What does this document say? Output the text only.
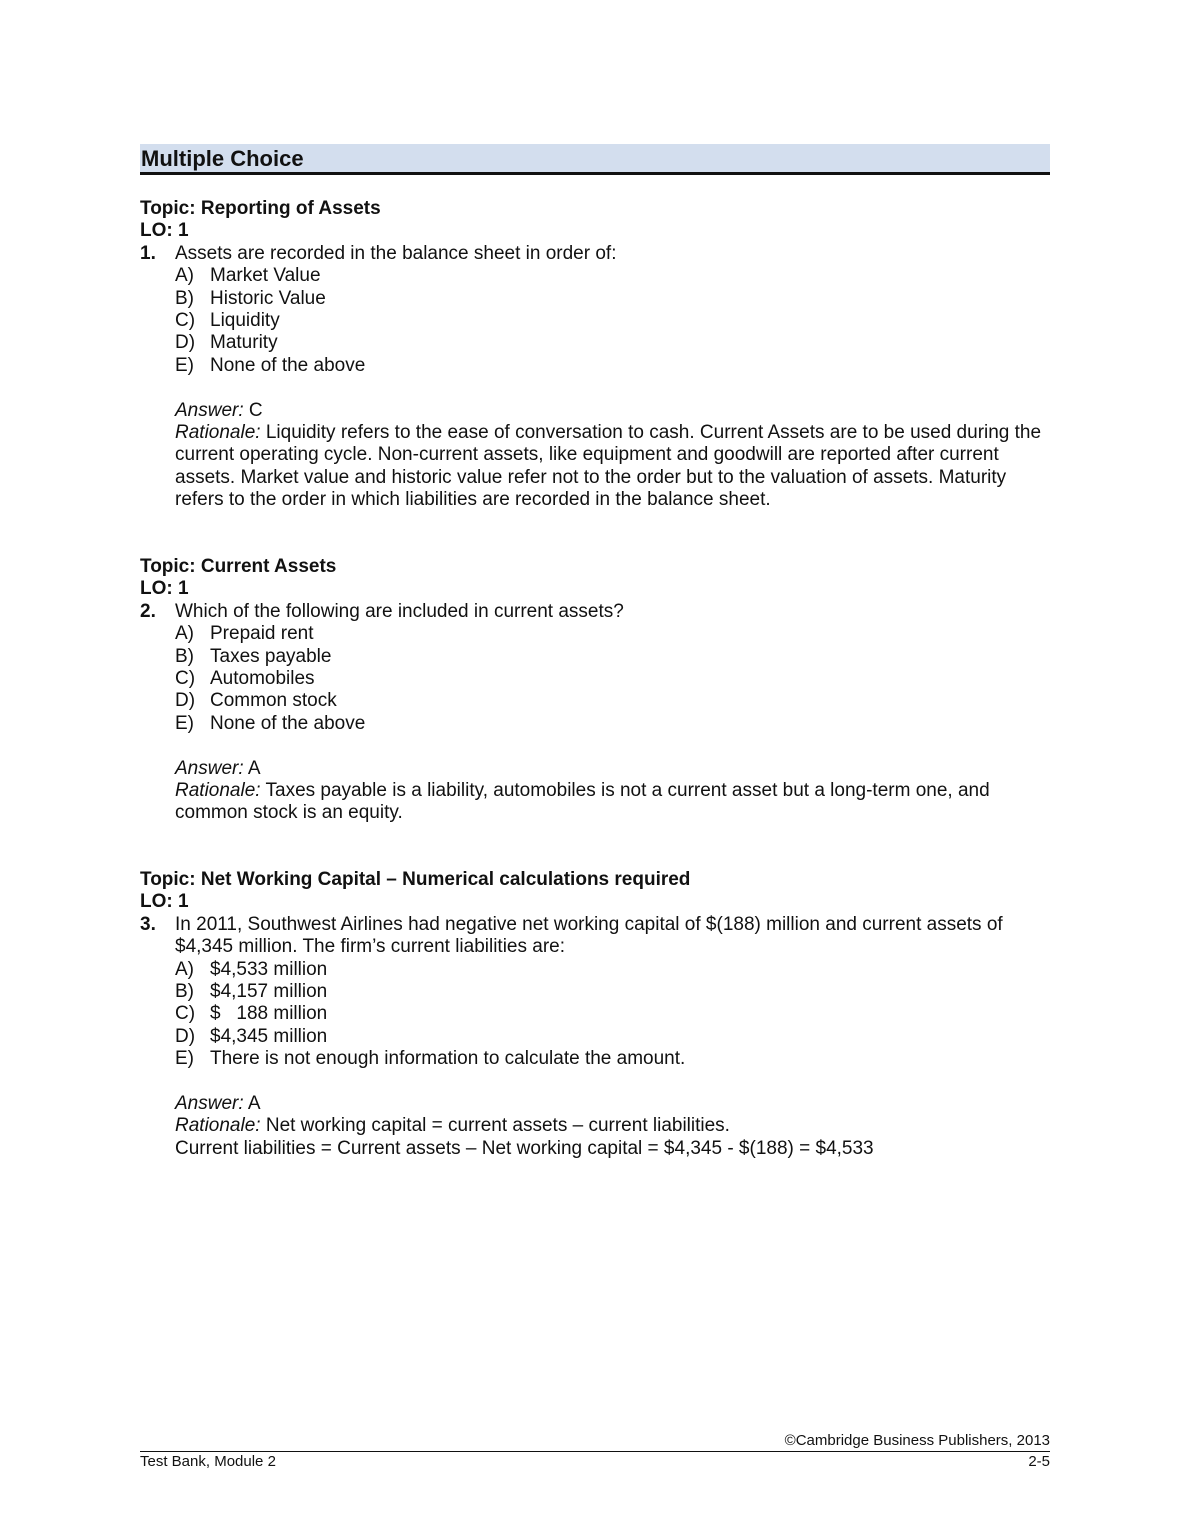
Multiple Choice
Topic: Reporting of Assets
LO: 1
1. Assets are recorded in the balance sheet in order of:
A) Market Value
B) Historic Value
C) Liquidity
D) Maturity
E) None of the above
Answer: C
Rationale: Liquidity refers to the ease of conversation to cash. Current Assets are to be used during the current operating cycle. Non-current assets, like equipment and goodwill are reported after current assets. Market value and historic value refer not to the order but to the valuation of assets. Maturity refers to the order in which liabilities are recorded in the balance sheet.
Topic: Current Assets
LO: 1
2. Which of the following are included in current assets?
A) Prepaid rent
B) Taxes payable
C) Automobiles
D) Common stock
E) None of the above
Answer: A
Rationale: Taxes payable is a liability, automobiles is not a current asset but a long-term one, and common stock is an equity.
Topic: Net Working Capital – Numerical calculations required
LO: 1
3. In 2011, Southwest Airlines had negative net working capital of $(188) million and current assets of $4,345 million. The firm’s current liabilities are:
A) $4,533 million
B) $4,157 million
C) $   188 million
D) $4,345 million
E) There is not enough information to calculate the amount.
Answer: A
Rationale: Net working capital = current assets – current liabilities.
Current liabilities = Current assets – Net working capital = $4,345 - $(188) = $4,533
©Cambridge Business Publishers, 2013
Test Bank, Module 2	2-5
